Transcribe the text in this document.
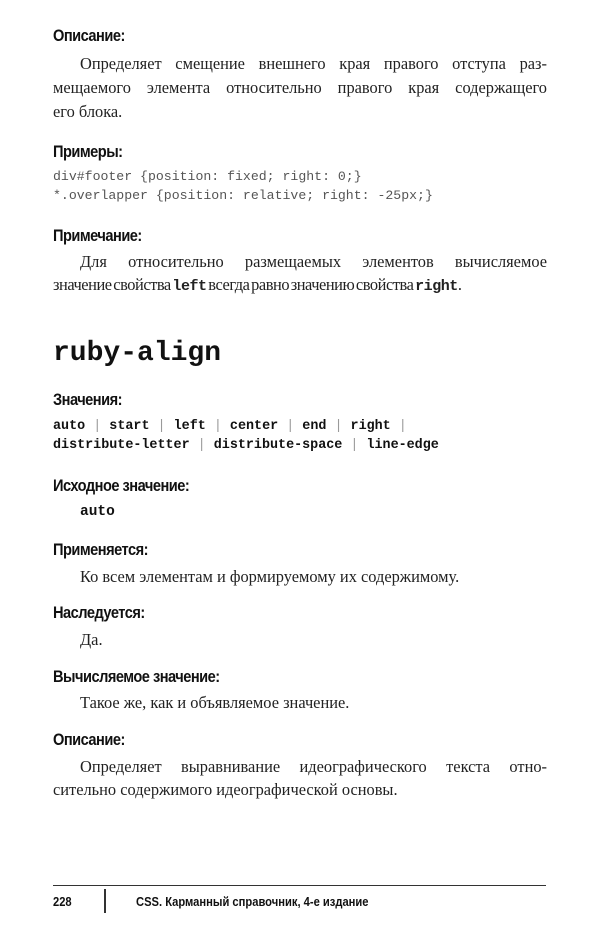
Описание:
Определяет смещение внешнего края правого отступа раз-
мещаемого элемента относительно правого края содержащего
его блока.
Примеры:
div#footer {position: fixed; right: 0;}
*.overlapper {position: relative; right: -25px;}
Примечание:
Для относительно размещаемых элементов вычисляемое
значение свойства left всегда равно значению свойства right.
ruby-align
Значения:
auto | start | left | center | end | right |
distribute-letter | distribute-space | line-edge
Исходное значение:
auto
Применяется:
Ко всем элементам и формируемому их содержимому.
Наследуется:
Да.
Вычисляемое значение:
Такое же, как и объявляемое значение.
Описание:
Определяет выравнивание идеографического текста отно-
сительно содержимого идеографической основы.
228	CSS. Карманный справочник, 4-е издание
